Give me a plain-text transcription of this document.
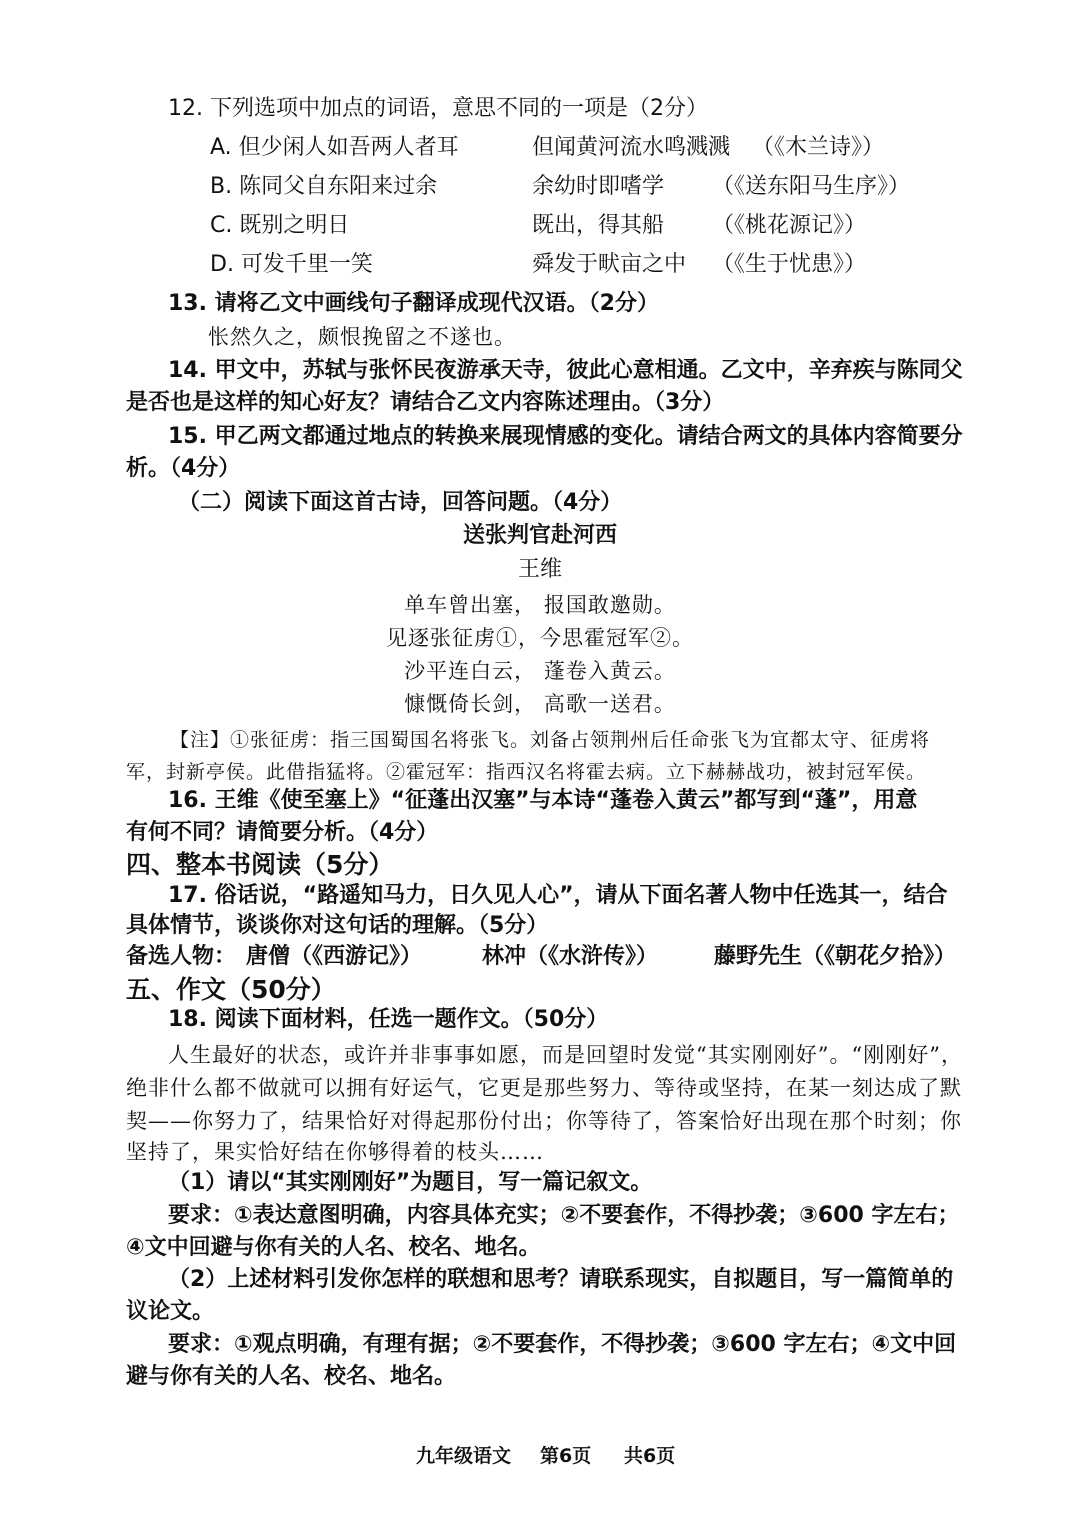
12. 下列选项中加点的词语，意思不同的一项是（2分）
A. 但少闲人如吾两人者耳	但闻黄河流水鸣溅溅 （《木兰诗》）
B. 陈同父自东阳来过余	余幼时即嗜学 （《送东阳马生序》）
C. 既别之明日	既出，得其船 （《桃花源记》）
D. 可发千里一笑	舜发于畎亩之中 （《生于忧患》）
13. 请将乙文中画线句子翻译成现代汉语。（2分）
怅然久之，颇恨挽留之不遂也。
14. 甲文中，苏轼与张怀民夜游承天寺，彼此心意相通。乙文中，辛弃疾与陈同父
是否也是这样的知心好友？请结合乙文内容陈述理由。（3分）
15. 甲乙两文都通过地点的转换来展现情感的变化。请结合两文的具体内容简要分
析。（4分）
（二）阅读下面这首古诗，回答问题。（4分）
送张判官赴河西
王维
单车曾出塞， 报国敢邀勋。
见逐张征虏①，今思霍冠军②。
沙平连白云， 蓬卷入黄云。
慷慨倚长剑， 高歌一送君。
【注】①张征虏：指三国蜀国名将张飞。刘备占领荆州后任命张飞为宜都太守、征虏将
军，封新亭侯。此借指猛将。②霍冠军：指西汉名将霍去病。立下赫赫战功，被封冠军侯。
16. 王维《使至塞上》“征蓬出汉塞”与本诗“蓬卷入黄云”都写到“蓬”，用意
有何不同？请简要分析。（4分）
四、整本书阅读（5分）
17. 俗话说，“路遥知马力，日久见人心”，请从下面名著人物中任选其一，结合
具体情节，谈谈你对这句话的理解。（5分）
备选人物： 唐僧（《西游记》）	林冲（《水浒传》）	藤野先生（《朝花夕拾》）
五、作文（50分）
18. 阅读下面材料，任选一题作文。（50分）
人生最好的状态，或许并非事事如愿，而是回望时发觉“其实刚刚好”。“刚刚好”，
绝非什么都不做就可以拥有好运气，它更是那些努力、等待或坚持，在某一刻达成了默
契——你努力了，结果恰好对得起那份付出；你等待了，答案恰好出现在那个时刻；你
坚持了，果实恰好结在你够得着的枝头……
（1）请以“其实刚刚好”为题目，写一篇记叙文。
要求：①表达意图明确，内容具体充实；②不要套作，不得抄袭；③600 字左右；
④文中回避与你有关的人名、校名、地名。
（2）上述材料引发你怎样的联想和思考？请联系现实，自拟题目，写一篇简单的
议论文。
要求：①观点明确，有理有据；②不要套作，不得抄袭；③600 字左右；④文中回
避与你有关的人名、校名、地名。
九年级语文 第6页 共6页
